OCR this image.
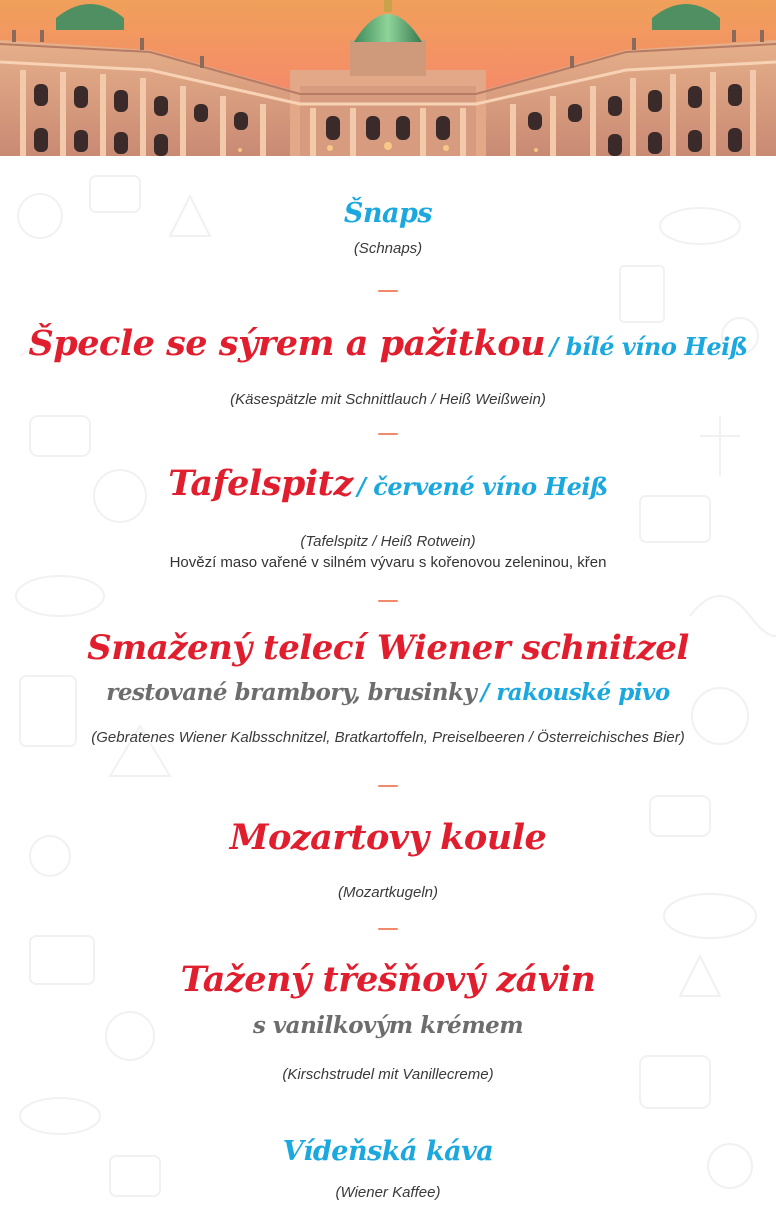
Šnaps
(Schnaps)
Špecle se sýrem a pažitkou / bílé víno Heiß
(Käsespätzle mit Schnittlauch / Heiß Weißwein)
Tafelspitz / červené víno Heiß
(Tafelspitz / Heiß Rotwein)
Hovězí maso vařené v silném vývaru s kořenovou zeleninou, křen
Smažený telecí Wiener schnitzel
restované brambory, brusinky / rakouské pivo
(Gebratenes Wiener Kalbsschnitzel, Bratkartoffeln, Preiselbeeren / Österreichisches Bier)
Mozartovy koule
(Mozartkugeln)
Tažený třešňový závin
s vanilkovým krémem
(Kirschstrudel mit Vanillecreme)
Vídeňská káva
(Wiener Kaffee)
